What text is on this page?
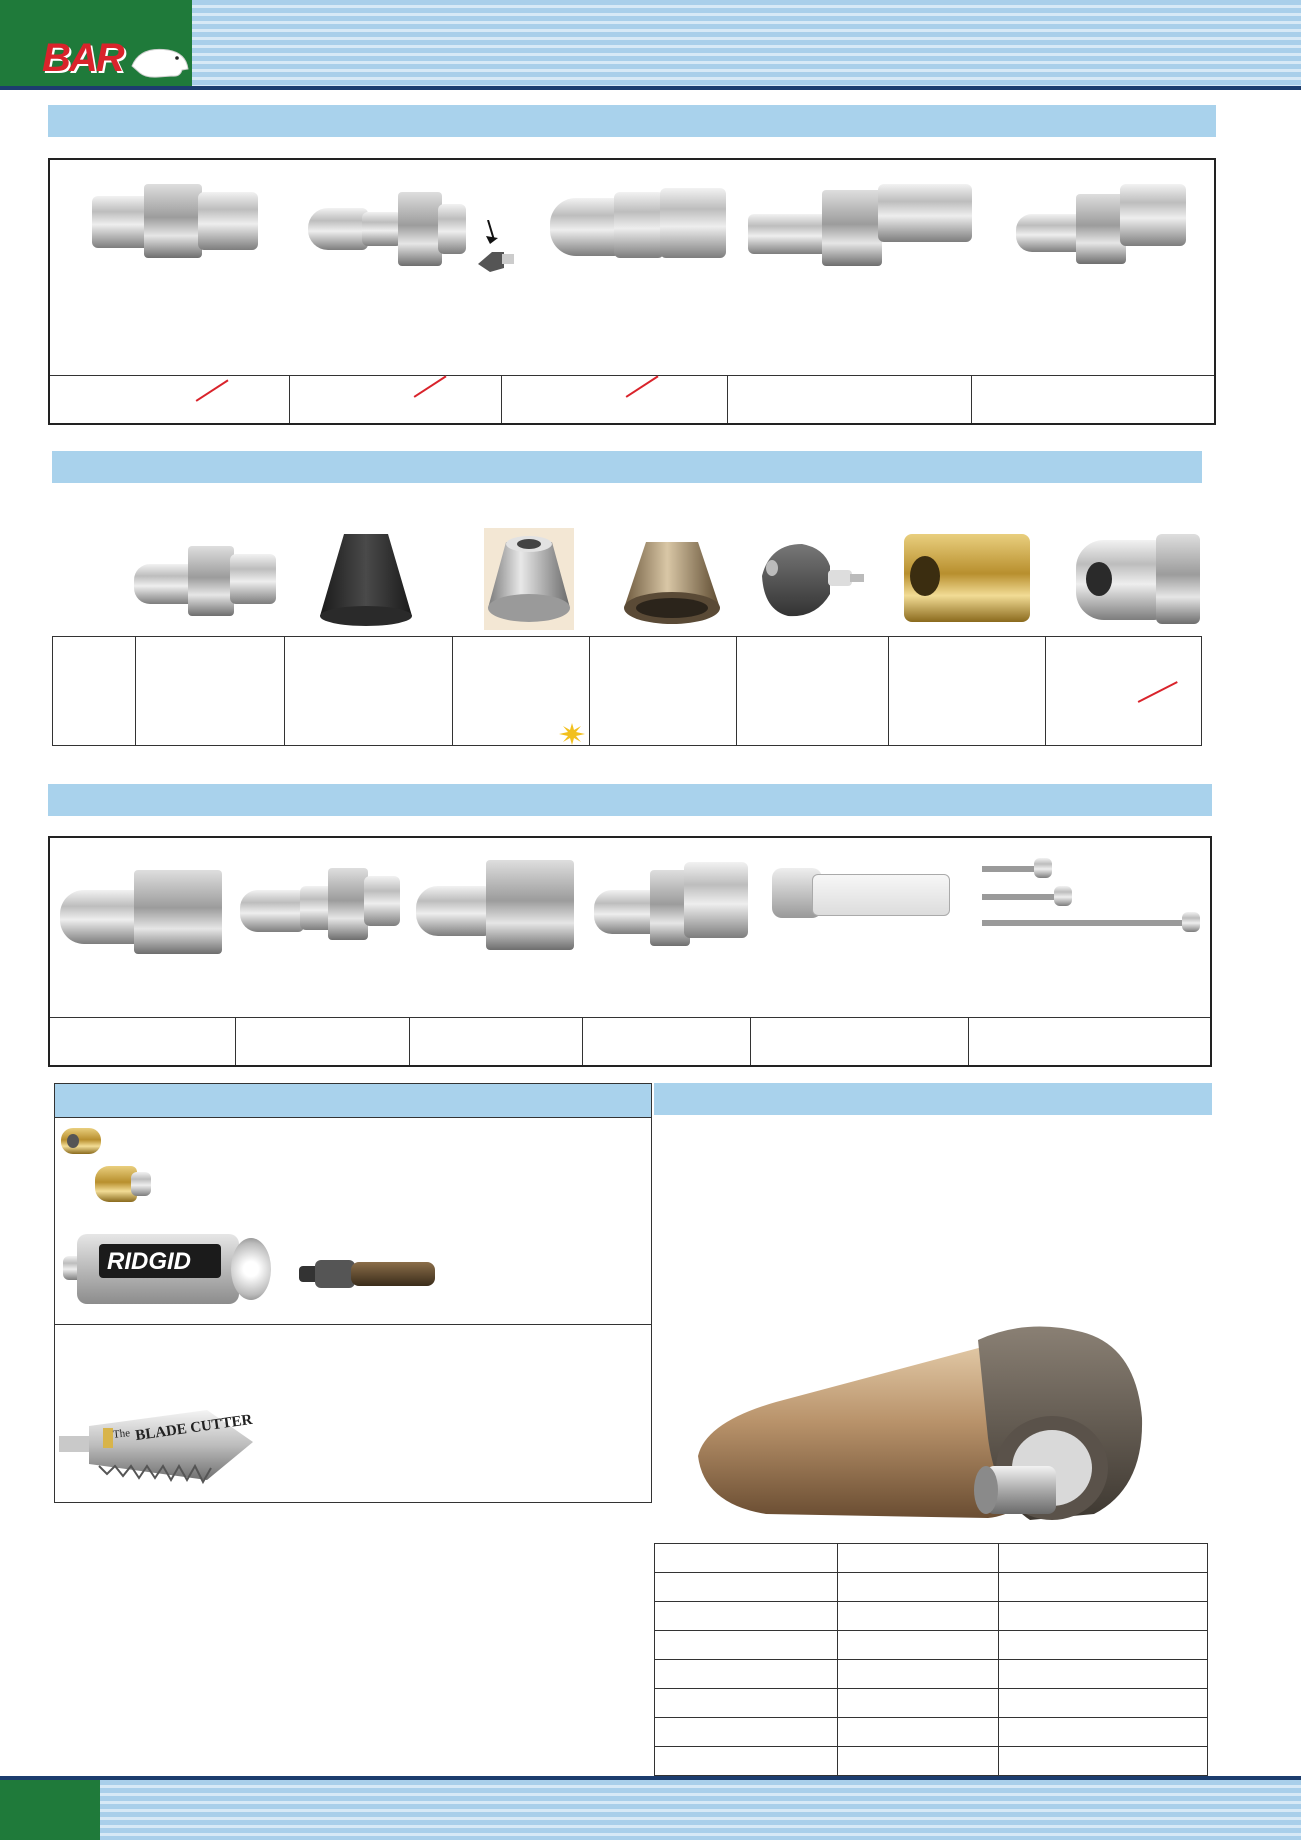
BAR
RIDGID
The BLADE CUTTER
